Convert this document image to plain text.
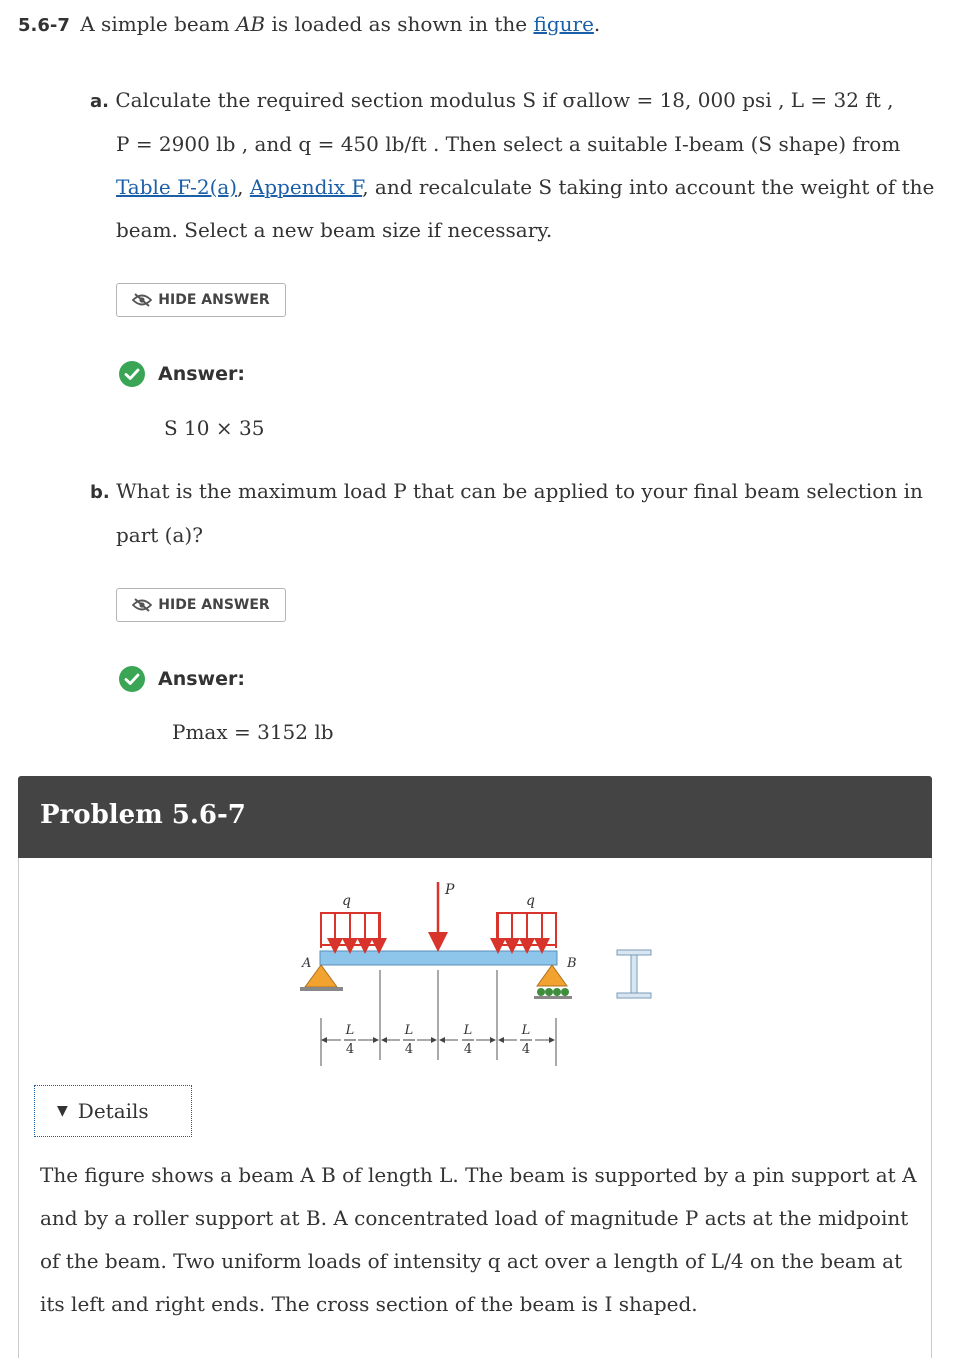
5.6-7 A simple beam AB is loaded as shown in the figure.
a. Calculate the required section modulus S if σallow = 18, 000 psi , L = 32 ft ,
P = 2900 lb , and q = 450 lb/ft . Then select a suitable I-beam (S shape) from
Table F-2(a), Appendix F, and recalculate S taking into account the weight of the
beam. Select a new beam size if necessary.
HIDE ANSWER
Answer:
S 10 × 35
b. What is the maximum load P that can be applied to your final beam selection in
part (a)?
HIDE ANSWER
Answer:
Pmax = 3152 lb
Problem 5.6-7
q
P
q
A	B
L
4
L
4
L
4
L
4
▼ Details
The figure shows a beam A B of length L. The beam is supported by a pin support at A and by a roller support at B. A concentrated load of magnitude P acts at the midpoint of the beam. Two uniform loads of intensity q act over a length of L/4 on the beam at its left and right ends. The cross section of the beam is I shaped.
